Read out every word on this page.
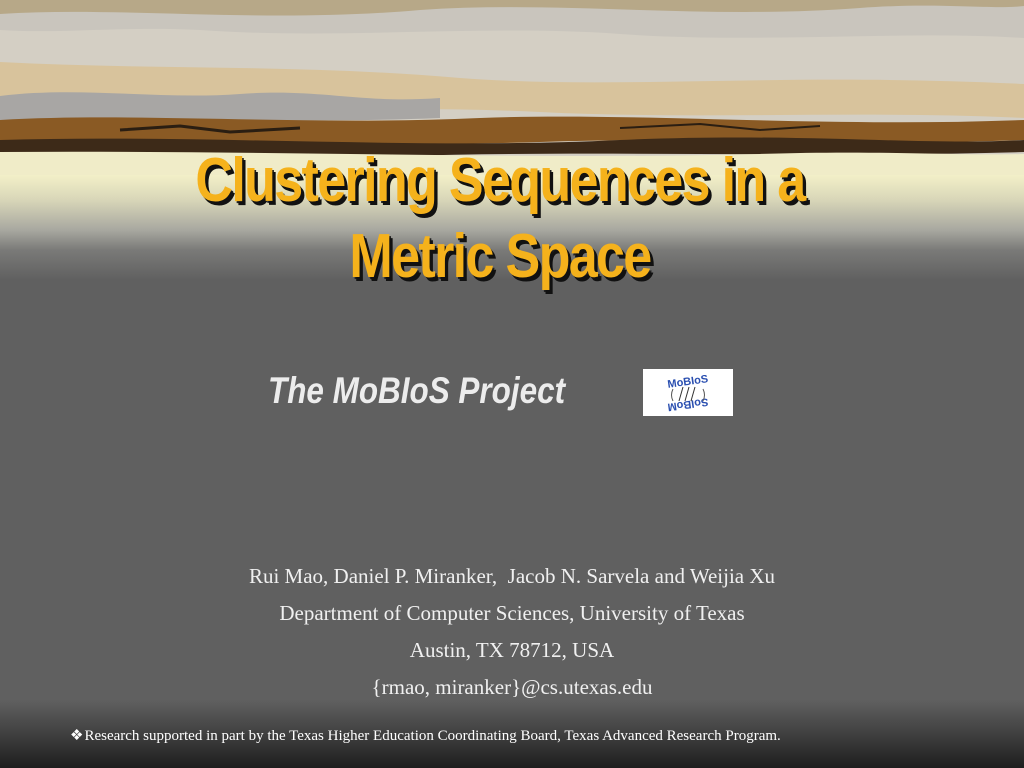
Clustering Sequences in a
Metric Space
The MoBIoS Project	MoBIoS
SoIBoM
Rui Mao, Daniel P. Miranker,  Jacob N. Sarvela and Weijia Xu
Department of Computer Sciences, University of Texas
Austin, TX 78712, USA
{rmao, miranker}@cs.utexas.edu
❖Research supported in part by the Texas Higher Education Coordinating Board, Texas Advanced Research Program.
